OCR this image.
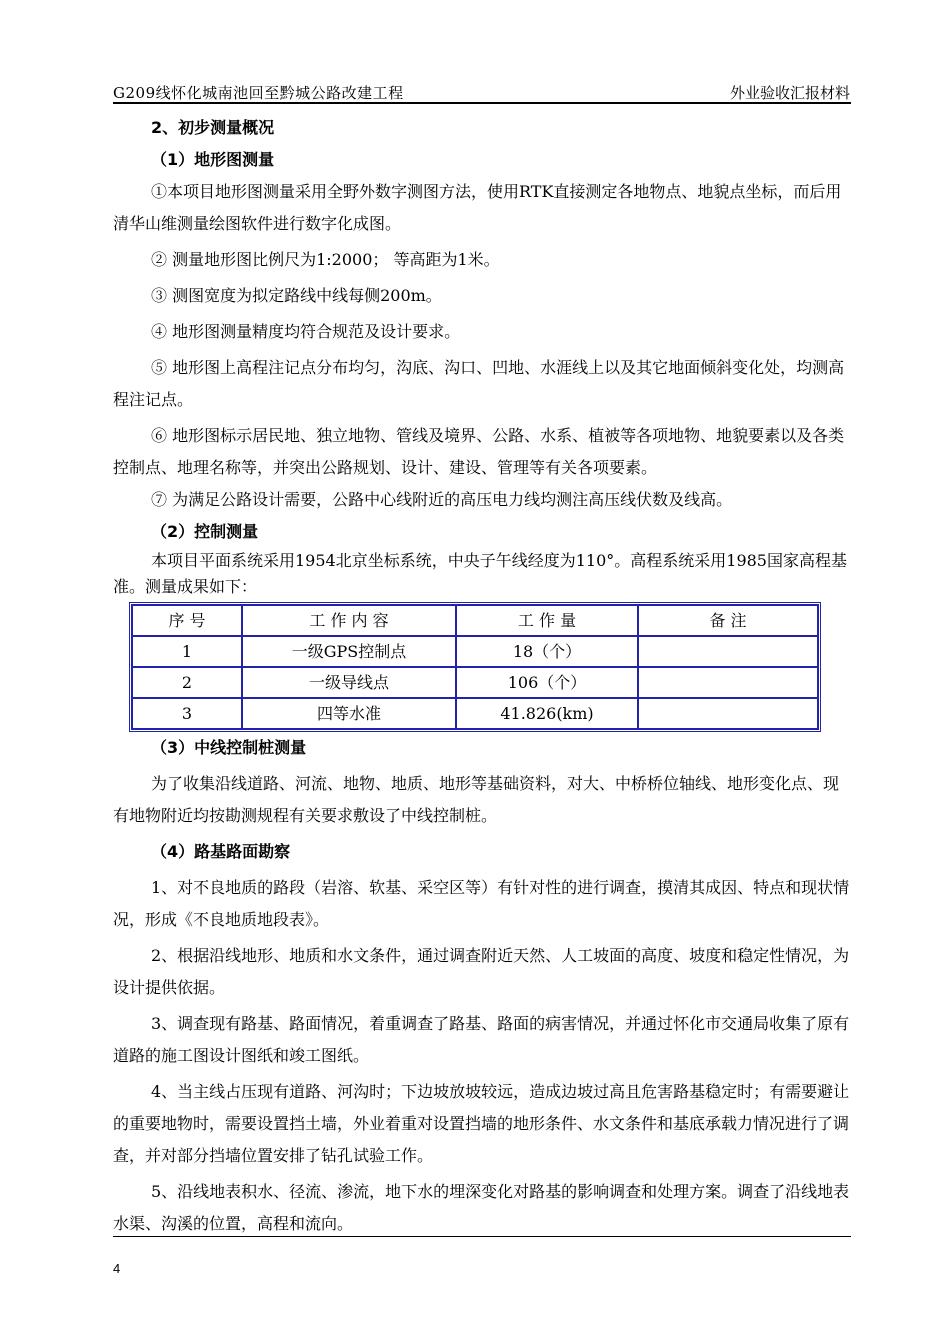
G209线怀化城南池回至黔城公路改建工程	外业验收汇报材料

2、初步测量概况

（1）地形图测量

①本项目地形图测量采用全野外数字测图方法，使用RTK直接测定各地物点、地貌点坐标，而后用清华山维测量绘图软件进行数字化成图。

② 测量地形图比例尺为1:2000； 等高距为1米。

③ 测图宽度为拟定路线中线每侧200m。

④ 地形图测量精度均符合规范及设计要求。

⑤ 地形图上高程注记点分布均匀，沟底、沟口、凹地、水涯线上以及其它地面倾斜变化处，均测高程注记点。

⑥ 地形图标示居民地、独立地物、管线及境界、公路、水系、植被等各项地物、地貌要素以及各类控制点、地理名称等，并突出公路规划、设计、建设、管理等有关各项要素。

⑦ 为满足公路设计需要，公路中心线附近的高压电力线均测注高压线伏数及线高。

（2）控制测量

本项目平面系统采用1954北京坐标系统，中央子午线经度为110°。高程系统采用1985国家高程基准。测量成果如下：

序 号	工 作 内 容	工 作 量	备 注
1	一级GPS控制点	18（个）	
2	一级导线点	106（个）	
3	四等水准	41.826(km)	

（3）中线控制桩测量

为了收集沿线道路、河流、地物、地质、地形等基础资料，对大、中桥桥位轴线、地形变化点、现有地物附近均按勘测规程有关要求敷设了中线控制桩。

（4）路基路面勘察

1、对不良地质的路段（岩溶、软基、采空区等）有针对性的进行调查，摸清其成因、特点和现状情况，形成《不良地质地段表》。

2、根据沿线地形、地质和水文条件，通过调查附近天然、人工坡面的高度、坡度和稳定性情况，为设计提供依据。

3、调查现有路基、路面情况，着重调查了路基、路面的病害情况，并通过怀化市交通局收集了原有道路的施工图设计图纸和竣工图纸。

4、当主线占压现有道路、河沟时；下边坡放坡较远，造成边坡过高且危害路基稳定时；有需要避让的重要地物时，需要设置挡土墙，外业着重对设置挡墙的地形条件、水文条件和基底承载力情况进行了调查，并对部分挡墙位置安排了钻孔试验工作。

5、沿线地表积水、径流、渗流，地下水的埋深变化对路基的影响调查和处理方案。调查了沿线地表水渠、沟溪的位置，高程和流向。

4
